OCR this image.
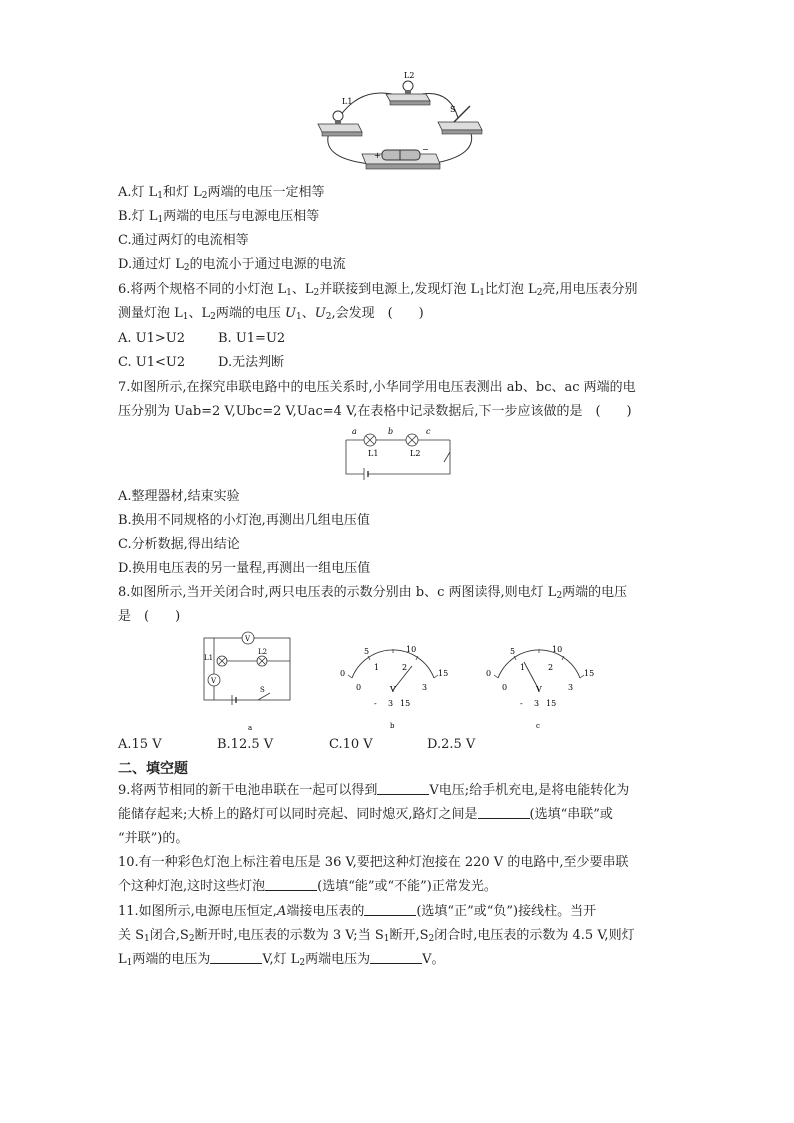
+
−
L1
L2
S
A.灯 $L_1$和灯 $L_2$两端的电压一定相等
B.灯 $L_1$两端的电压与电源电压相等
C.通过两灯的电流相等
D.通过灯 $L_2$的电流小于通过电源的电流
6.将两个规格不同的小灯泡 $L_1$、$L_2$并联接到电源上,发现灯泡 $L_1$比灯泡 $L_2$亮,用电压表分别
测量灯泡 $L_1$、$L_2$两端的电压 $U_1$、$U_2$,会发现　(　　)
A. U1>U2	B. U1=U2
C. U1<U2	D.无法判断
7.如图所示,在探究串联电路中的电压关系时,小华同学用电压表测出 ab、bc、ac 两端的电
压分别为 Uab=2 V,Ubc=2 V,Uac=4 V,在表格中记录数据后,下一步应该做的是　(　　)
a	b	c
L1	L2
A.整理器材,结束实验
B.换用不同规格的小灯泡,再测出几组电压值
C.分析数据,得出结论
D.换用电压表的另一量程,再测出一组电压值
8.如图所示,当开关闭合时,两只电压表的示数分别由 b、c 两图读得,则电灯 $L_2$两端的电压
是　(　　)
V
V
L1
L2
S
a
0
5	10
15
0
1	2
3
V
- 3 15
b
0
5	10
15
0
1	2
3
V
- 3 15
c
A.15 V	B.12.5 V	C.10 V	D.2.5 V
二、填空题
9.将两节相同的新干电池串联在一起可以得到	V电压;给手机充电,是将电能转化为
能储存起来;大桥上的路灯可以同时亮起、同时熄灭,路灯之间是	(选填“串联”或
“并联”)的。
10.有一种彩色灯泡上标注着电压是 36 V,要把这种灯泡接在 220 V 的电路中,至少要串联
个这种灯泡,这时这些灯泡	(选填“能”或“不能”)正常发光。
11.如图所示,电源电压恒定,A端接电压表的	(选填“正”或“负”)接线柱。当开
关 $S_1$闭合$,S_2$断开时,电压表的示数为 3 V;当 $S_1$断开$,S_2$闭合时,电压表的示数为 4.5 V,则灯
$L_1$两端的电压为	V,灯 $L_2$两端电压为	V。
